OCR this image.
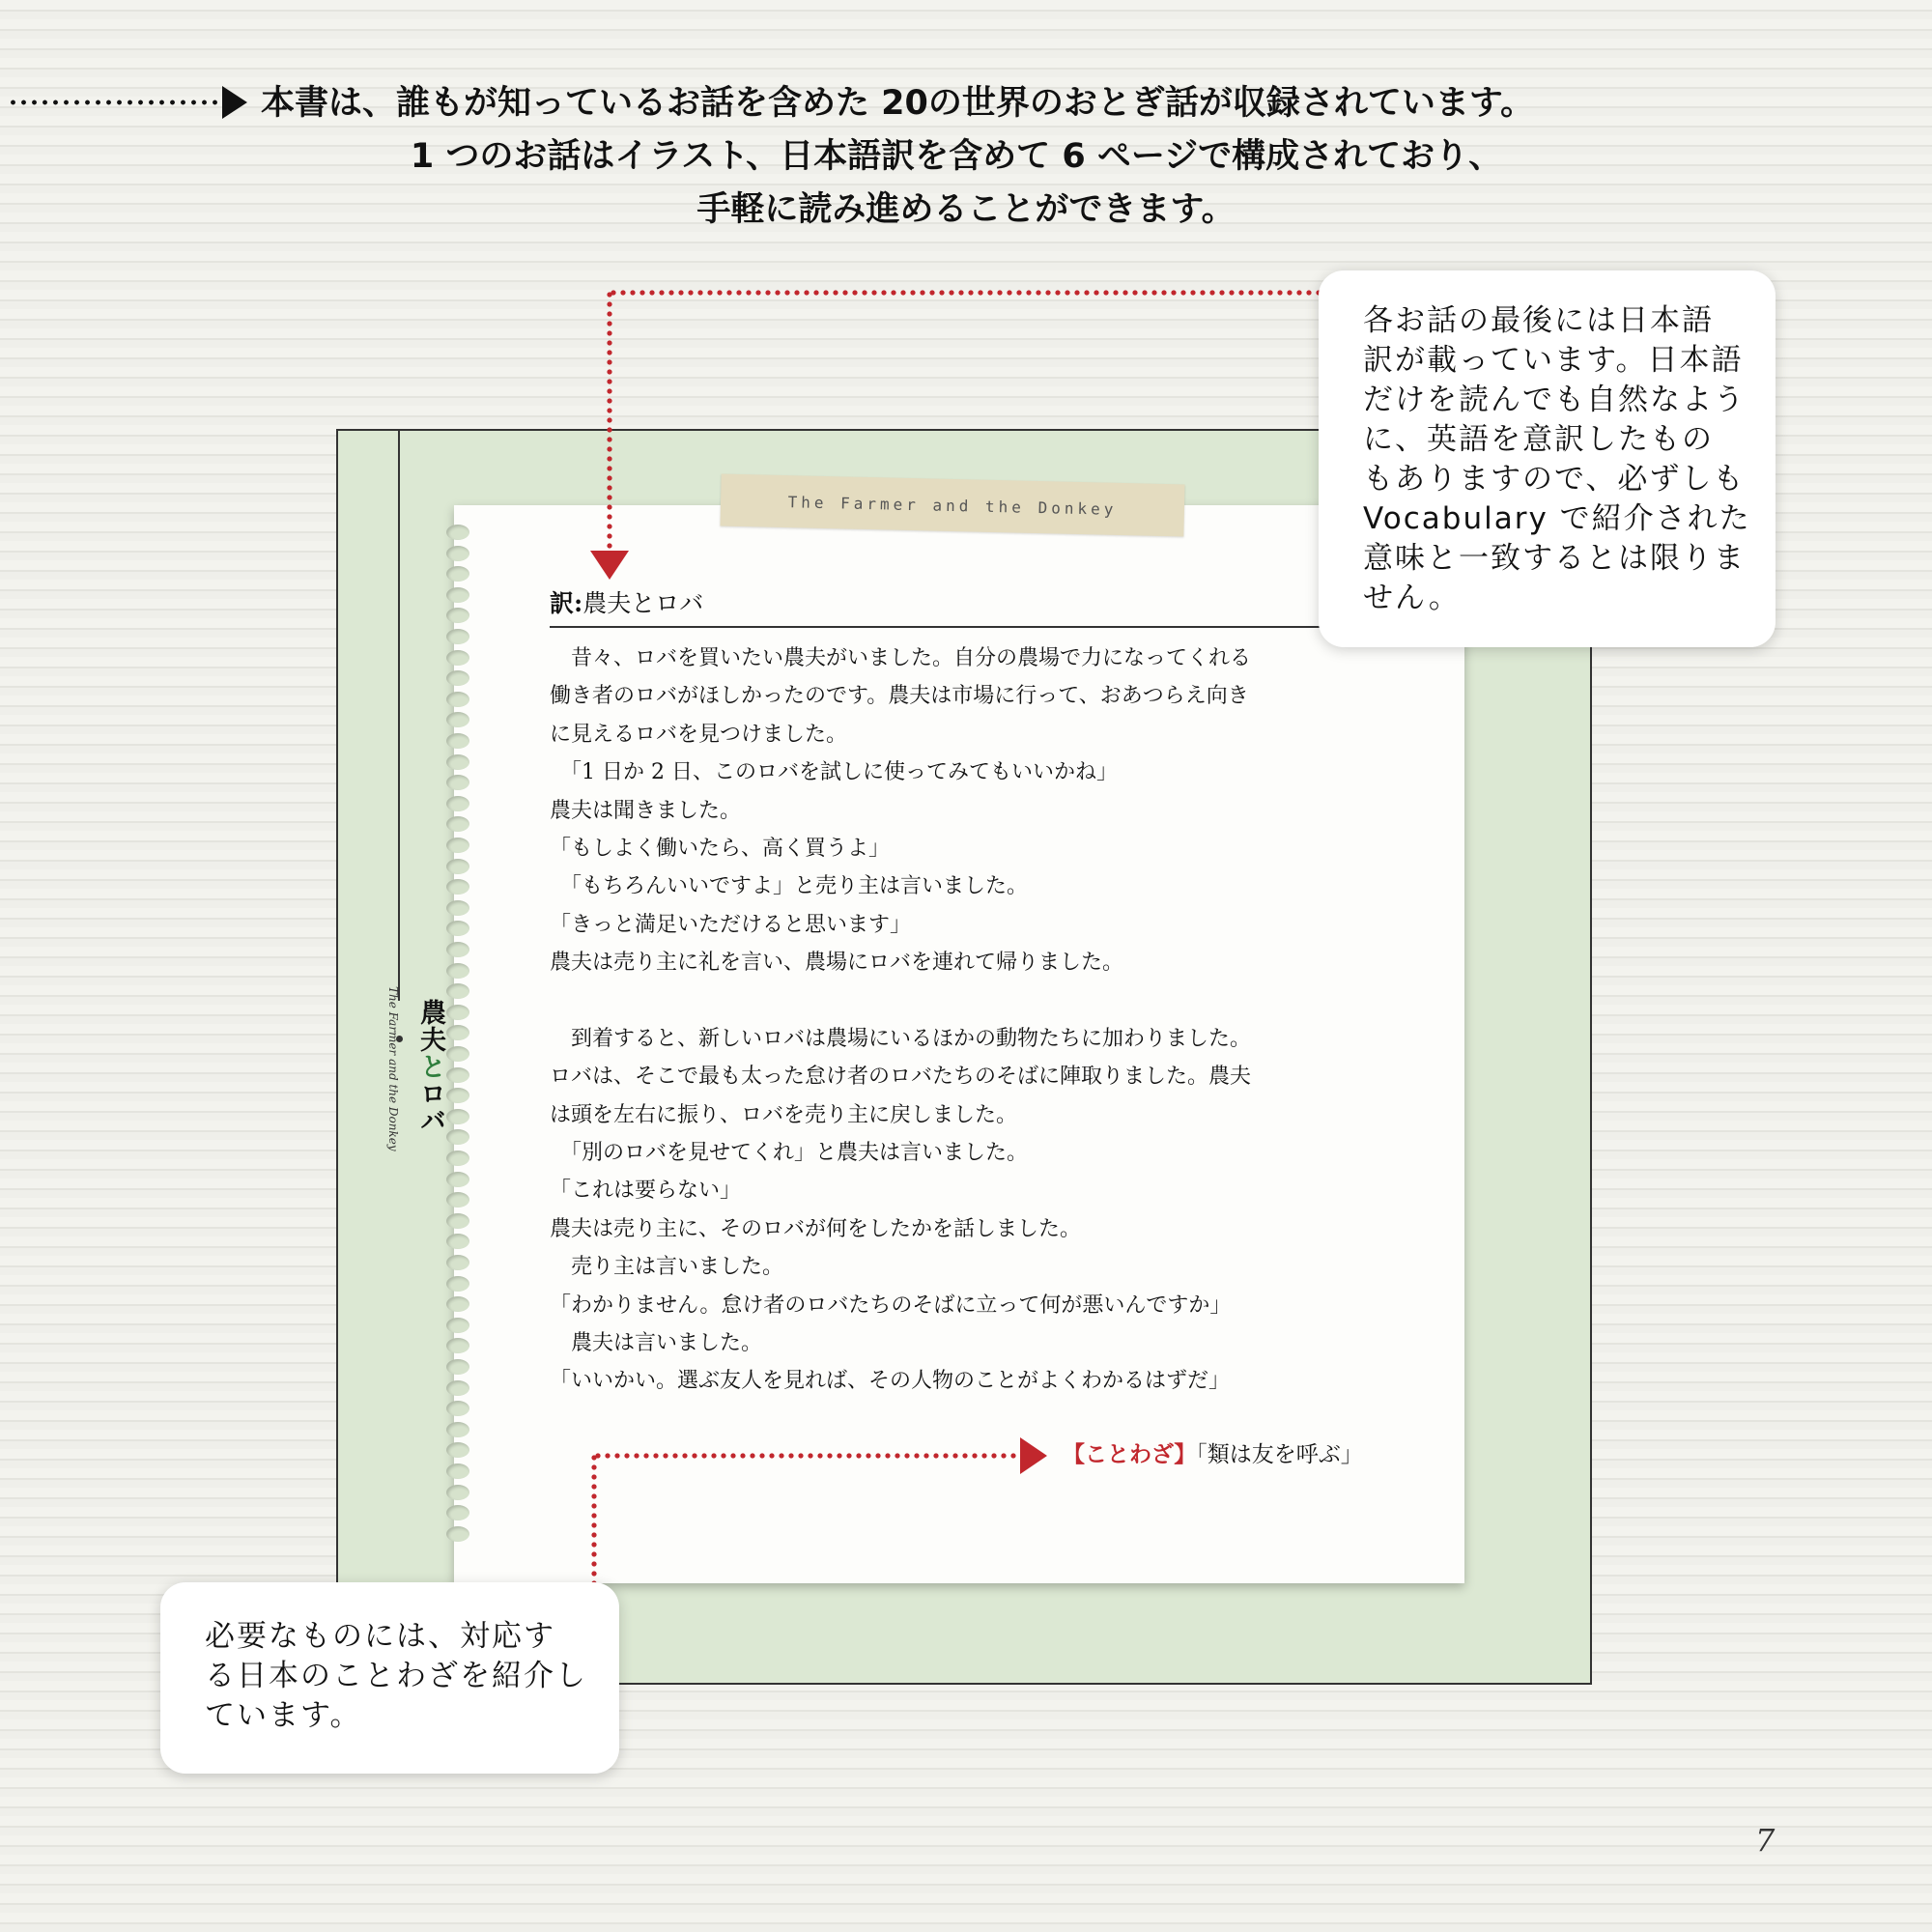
本書は、誰もが知っているお話を含めた 20の世界のおとぎ話が収録されています。
1 つのお話はイラスト、日本語訳を含めて 6 ページで構成されており、
手軽に読み進めることができます。
The Farmer and the Donkey 農夫とロバ
The Farmer and the Donkey
訳:農夫とロバ
　昔々、ロバを買いたい農夫がいました。自分の農場で力になってくれる
働き者のロバがほしかったのです。農夫は市場に行って、おあつらえ向き
に見えるロバを見つけました。
　「1 日か 2 日、このロバを試しに使ってみてもいいかね」
農夫は聞きました。
「もしよく働いたら、高く買うよ」
　「もちろんいいですよ」と売り主は言いました。
「きっと満足いただけると思います」
農夫は売り主に礼を言い、農場にロバを連れて帰りました。
　到着すると、新しいロバは農場にいるほかの動物たちに加わりました。
ロバは、そこで最も太った怠け者のロバたちのそばに陣取りました。農夫
は頭を左右に振り、ロバを売り主に戻しました。
　「別のロバを見せてくれ」と農夫は言いました。
「これは要らない」
農夫は売り主に、そのロバが何をしたかを話しました。
　売り主は言いました。
「わかりません。怠け者のロバたちのそばに立って何が悪いんですか」
　農夫は言いました。
「いいかい。選ぶ友人を見れば、その人物のことがよくわかるはずだ」
【ことわざ】「類は友を呼ぶ」
各お話の最後には日本語
訳が載っています。日本語
だけを読んでも自然なよう
に、英語を意訳したもの
もありますので、必ずしも
Vocabulary で紹介された
意味と一致するとは限りま
せん。
必要なものには、対応す
る日本のことわざを紹介し
ています。
7
